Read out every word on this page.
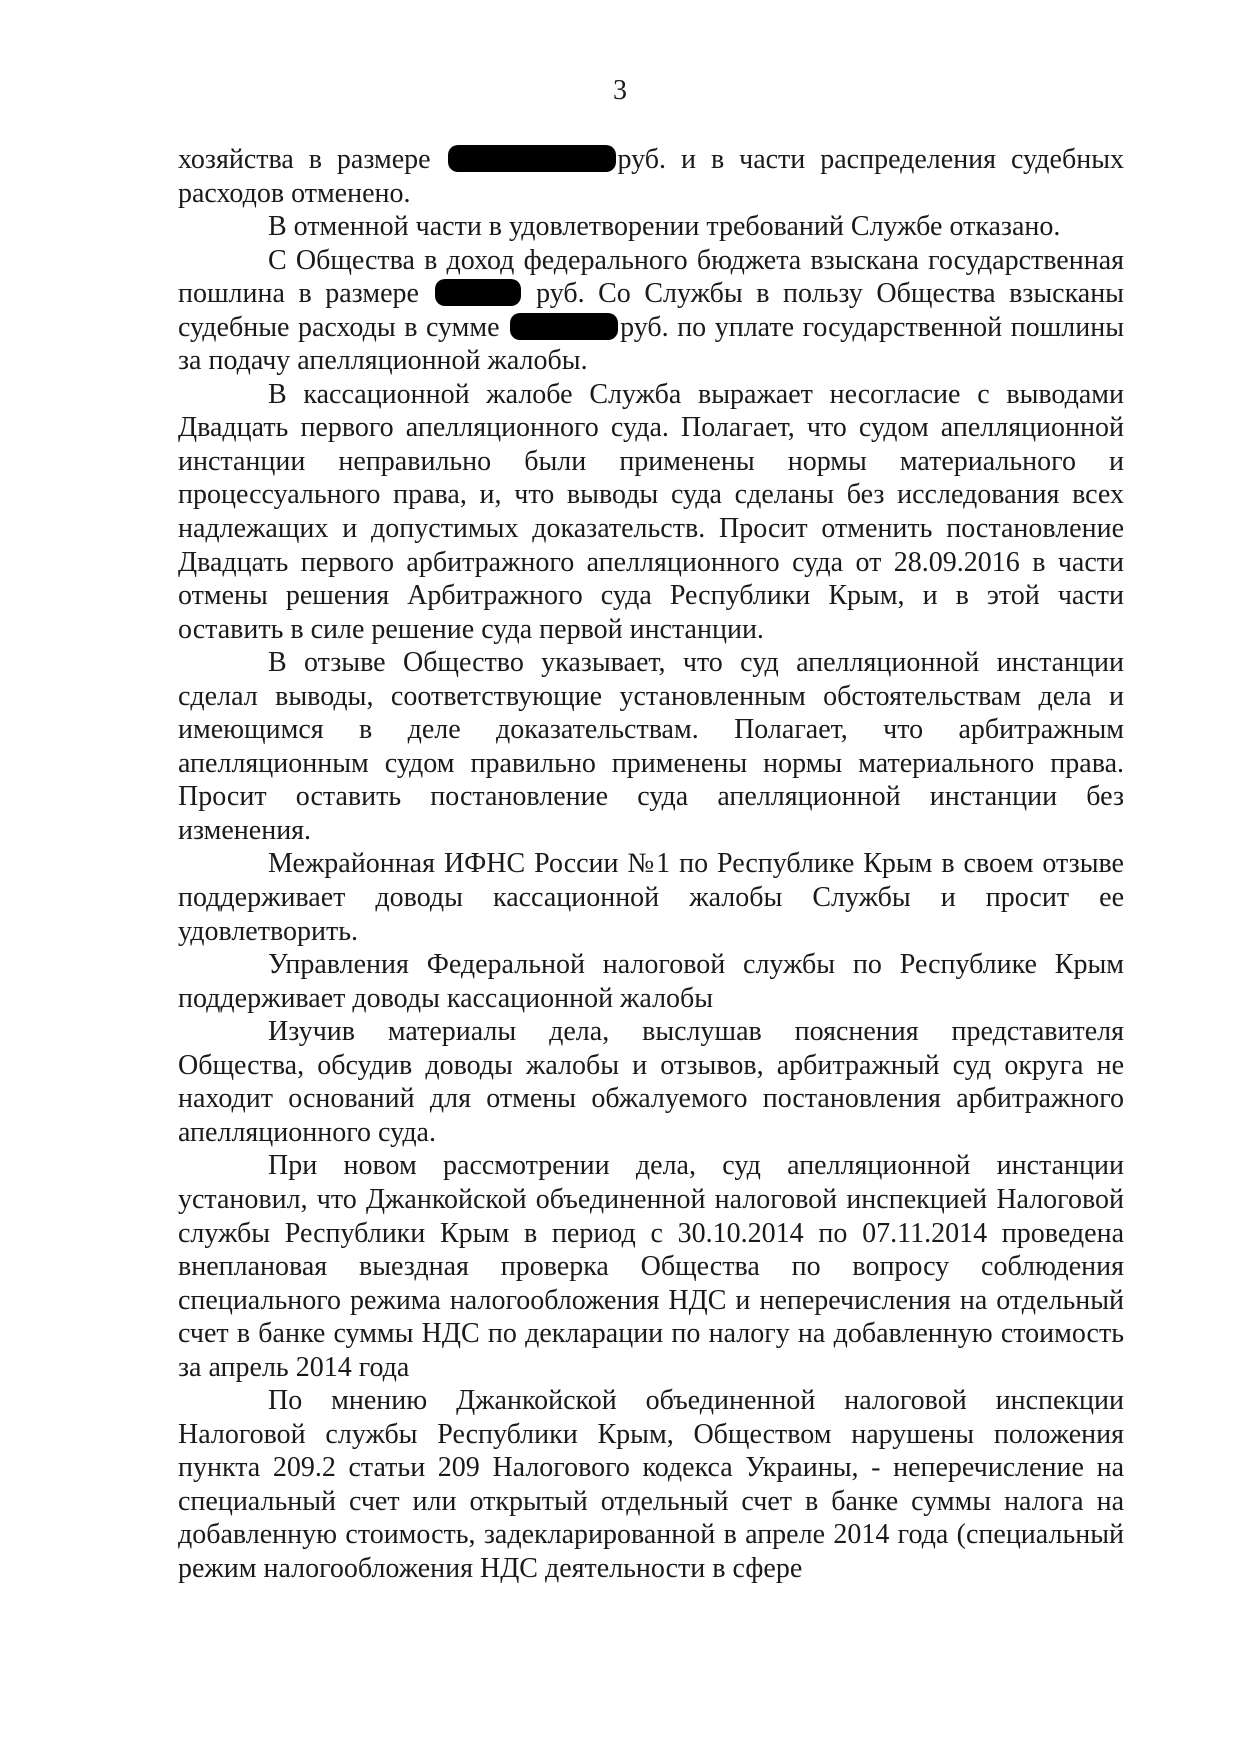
3

хозяйства в размере	руб. и в части распределения судебных расходов отменено.

В отменной части в удовлетворении требований Службе отказано.

С Общества в доход федерального бюджета взыскана государственная пошлина в размере	руб. Со Службы в пользу Общества взысканы судебные расходы в сумме	руб. по уплате государственной пошлины за подачу апелляционной жалобы.

В кассационной жалобе Служба выражает несогласие с выводами Двадцать первого апелляционного суда. Полагает, что судом апелляционной инстанции неправильно были применены нормы материального и процессуального права, и, что выводы суда сделаны без исследования всех надлежащих и допустимых доказательств. Просит отменить постановление Двадцать первого арбитражного апелляционного суда от 28.09.2016 в части отмены решения Арбитражного суда Республики Крым, и в этой части оставить в силе решение суда первой инстанции.

В отзыве Общество указывает, что суд апелляционной инстанции сделал выводы, соответствующие установленным обстоятельствам дела и имеющимся в деле доказательствам. Полагает, что арбитражным апелляционным судом правильно применены нормы материального права. Просит оставить постановление суда апелляционной инстанции без изменения.

Межрайонная ИФНС России №1 по Республике Крым в своем отзыве поддерживает доводы кассационной жалобы Службы и просит ее удовлетворить.

Управления Федеральной налоговой службы по Республике Крым поддерживает доводы кассационной жалобы

Изучив материалы дела, выслушав пояснения представителя Общества, обсудив доводы жалобы и отзывов, арбитражный суд округа не находит оснований для отмены обжалуемого постановления арбитражного апелляционного суда.

При новом рассмотрении дела, суд апелляционной инстанции установил, что Джанкойской объединенной налоговой инспекцией Налоговой службы Республики Крым в период с 30.10.2014 по 07.11.2014 проведена внеплановая выездная проверка Общества по вопросу соблюдения специального режима налогообложения НДС и неперечисления на отдельный счет в банке суммы НДС по декларации по налогу на добавленную стоимость за апрель 2014 года

По мнению Джанкойской объединенной налоговой инспекции Налоговой службы Республики Крым, Обществом нарушены положения пункта 209.2 статьи 209 Налогового кодекса Украины, - неперечисление на специальный счет или открытый отдельный счет в банке суммы налога на добавленную стоимость, задекларированной в апреле 2014 года (специальный режим налогообложения НДС деятельности в сфере
